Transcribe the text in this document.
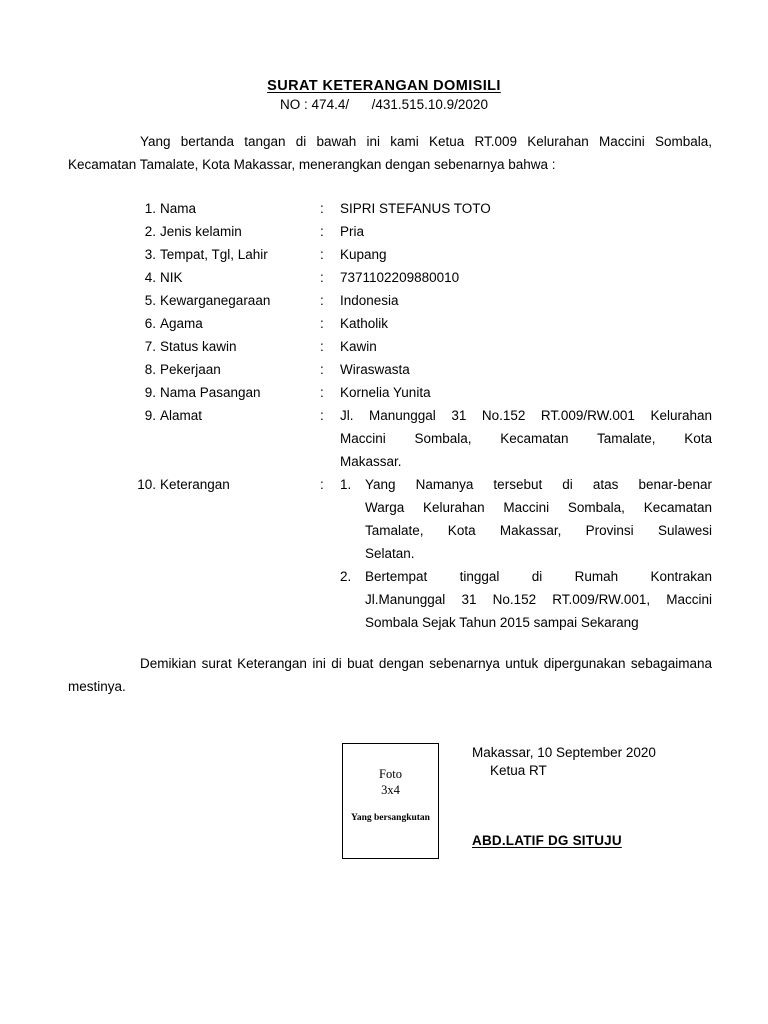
SURAT KETERANGAN DOMISILI
NO : 474.4/      /431.515.10.9/2020
Yang bertanda tangan di bawah ini kami Ketua RT.009 Kelurahan Maccini Sombala, Kecamatan Tamalate, Kota Makassar, menerangkan dengan sebenarnya bahwa :
1. Nama	:	SIPRI STEFANUS TOTO
2. Jenis kelamin	:	Pria
3. Tempat, Tgl, Lahir	:	Kupang
4. NIK	:	7371102209880010
5. Kewarganegaraan	:	Indonesia
6. Agama	:	Katholik
7. Status kawin	:	Kawin
8. Pekerjaan	:	Wiraswasta
9. Nama Pasangan	:	Kornelia Yunita
9. Alamat	:	Jl. Manunggal 31 No.152 RT.009/RW.001 Kelurahan
Maccini Sombala, Kecamatan Tamalate, Kota
Makassar.
10. Keterangan	:	1.	Yang Namanya tersebut di atas benar-benar
Warga Kelurahan Maccini Sombala, Kecamatan
Tamalate, Kota Makassar, Provinsi Sulawesi
Selatan.
2.	Bertempat tinggal di Rumah Kontrakan
Jl.Manunggal 31 No.152 RT.009/RW.001, Maccini
Sombala Sejak Tahun 2015 sampai Sekarang
Demikian surat Keterangan ini di buat dengan sebenarnya untuk dipergunakan sebagaimana mestinya.
Foto
3x4
Yang bersangkutan
Makassar, 10 September 2020
Ketua RT
ABD.LATIF DG SITUJU
